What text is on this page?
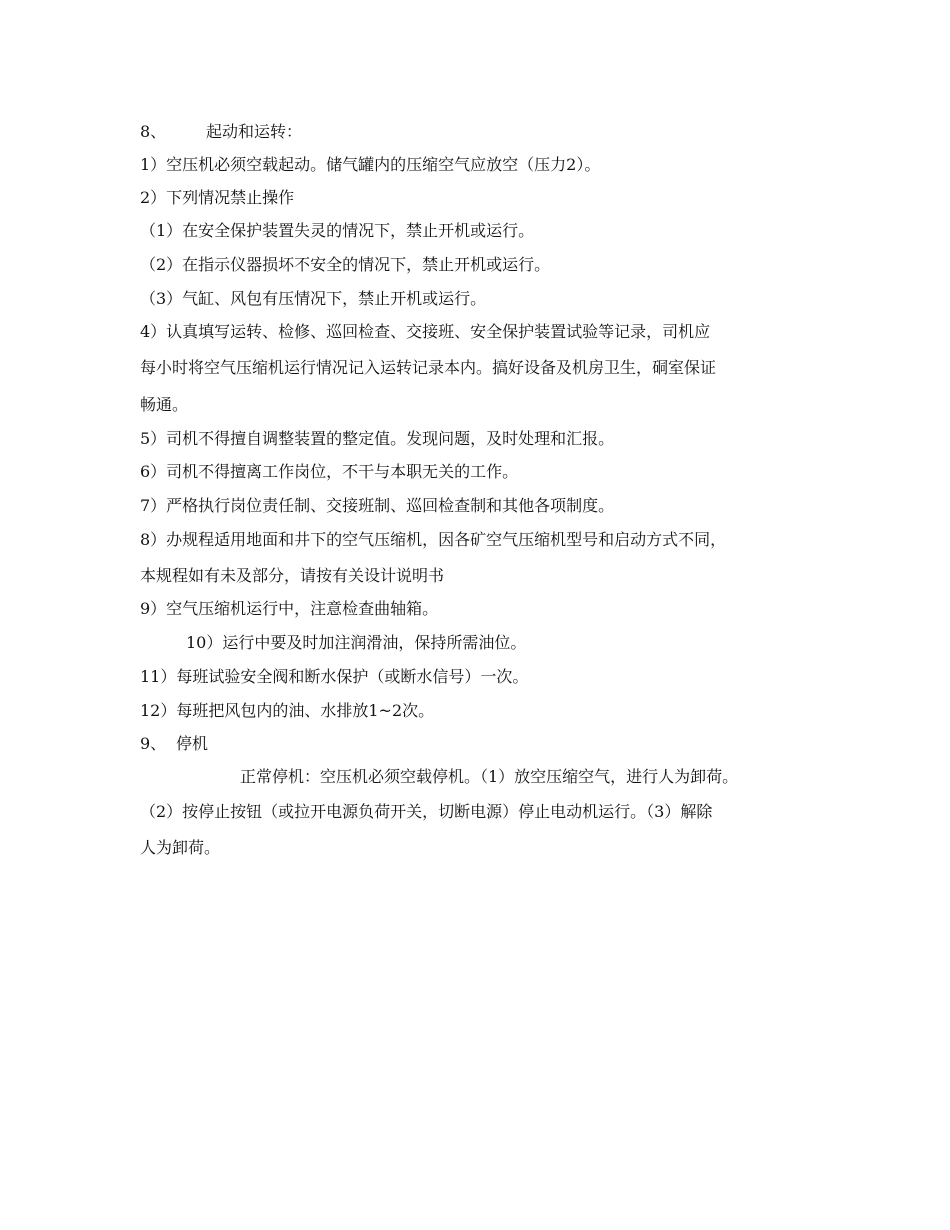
8、 起动和运转：
1）空压机必须空载起动。储气罐内的压缩空气应放空（压力2）。
2）下列情况禁止操作
（1）在安全保护装置失灵的情况下，禁止开机或运行。
（2）在指示仪器损坏不安全的情况下，禁止开机或运行。
（3）气缸、风包有压情况下，禁止开机或运行。
4）认真填写运转、检修、巡回检查、交接班、安全保护装置试验等记录，司机应
每小时将空气压缩机运行情况记入运转记录本内。搞好设备及机房卫生，硐室保证
畅通。
5）司机不得擅自调整装置的整定值。发现问题，及时处理和汇报。
6）司机不得擅离工作岗位，不干与本职无关的工作。
7）严格执行岗位责任制、交接班制、巡回检查制和其他各项制度。
8）办规程适用地面和井下的空气压缩机，因各矿空气压缩机型号和启动方式不同，
本规程如有未及部分，请按有关设计说明书
9）空气压缩机运行中，注意检查曲轴箱。
10）运行中要及时加注润滑油，保持所需油位。
11）每班试验安全阀和断水保护（或断水信号）一次。
12）每班把风包内的油、水排放1~2次。
9、 停机
正常停机：空压机必须空载停机。（1）放空压缩空气，进行人为卸荷。
（2）按停止按钮（或拉开电源负荷开关，切断电源）停止电动机运行。（3）解除
人为卸荷。
